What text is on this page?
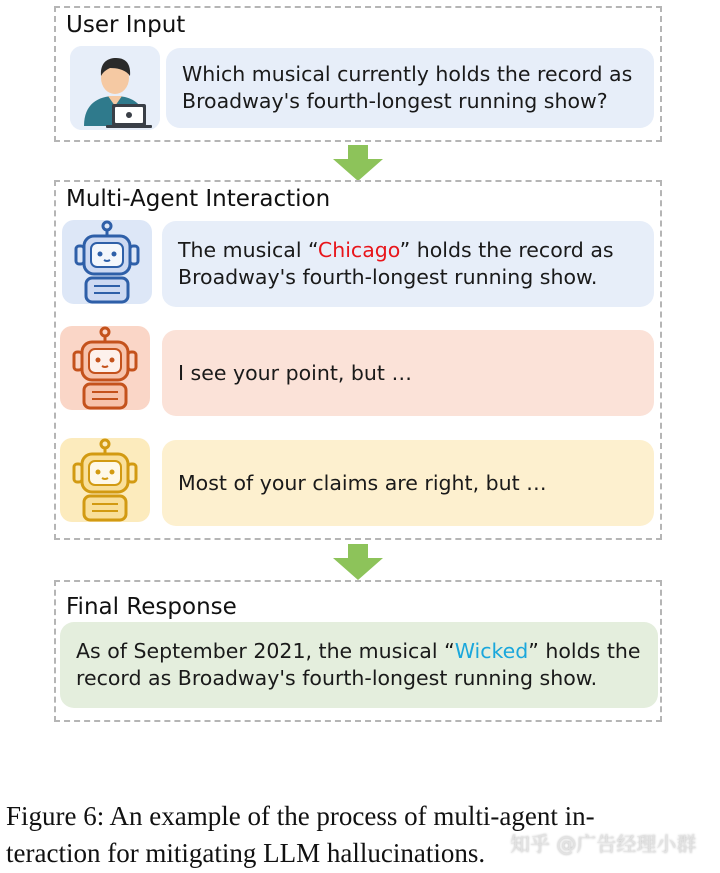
User Input
Which musical currently holds the record as
Broadway's fourth-longest running show?
Multi-Agent Interaction
The musical “Chicago” holds the record as
Broadway's fourth-longest running show.
I see your point, but …
Most of your claims are right, but …
Final Response
As of September 2021, the musical “Wicked” holds the
record as Broadway's fourth-longest running show.
Figure 6: An example of the process of multi-agent in-
teraction for mitigating LLM hallucinations.	知乎 @广告经理小群
